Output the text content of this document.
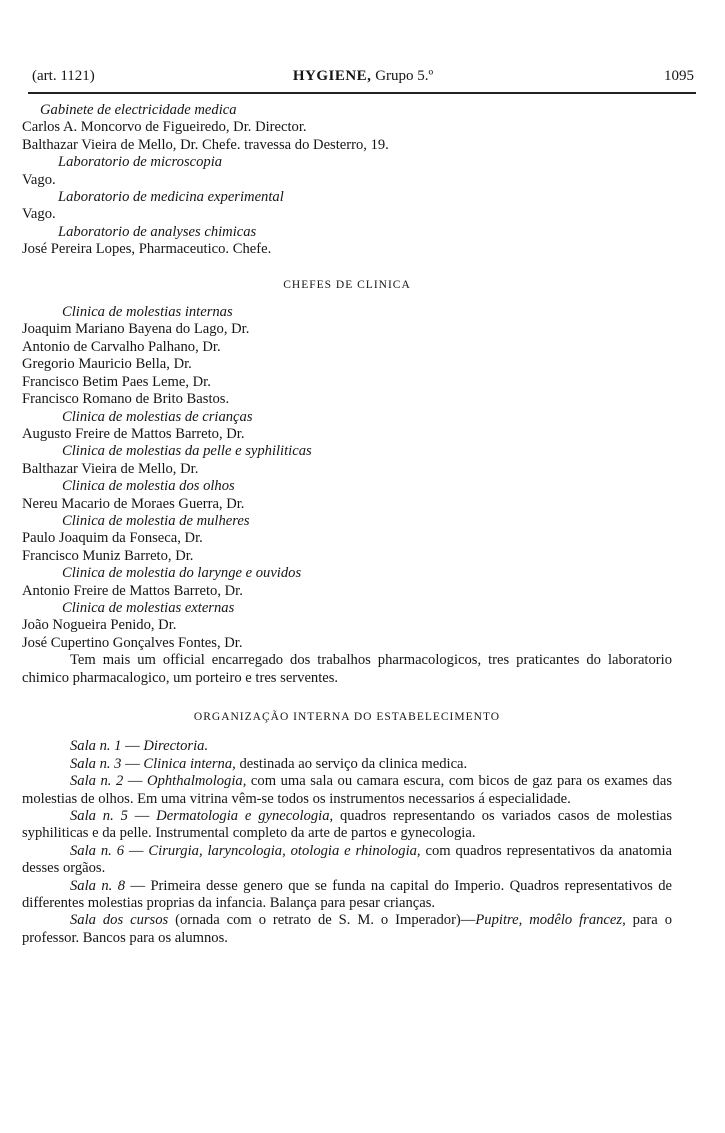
(art. 1121)	HYGIENE, Grupo 5.º	1095
Gabinete de electricidade medica
Carlos A. Moncorvo de Figueiredo, Dr. Director.
Balthazar Vieira de Mello, Dr. Chefe. travessa do Desterro, 19.
Laboratorio de microscopia
Vago.
Laboratorio de medicina experimental
Vago.
Laboratorio de analyses chimicas
José Pereira Lopes, Pharmaceutico. Chefe.
CHEFES DE CLINICA
Clinica de molestias internas
Joaquim Mariano Bayena do Lago, Dr.
Antonio de Carvalho Palhano, Dr.
Gregorio Mauricio Bella, Dr.
Francisco Betim Paes Leme, Dr.
Francisco Romano de Brito Bastos.
Clinica de molestias de crianças
Augusto Freire de Mattos Barreto, Dr.
Clinica de molestias da pelle e syphiliticas
Balthazar Vieira de Mello, Dr.
Clinica de molestia dos olhos
Nereu Macario de Moraes Guerra, Dr.
Clinica de molestia de mulheres
Paulo Joaquim da Fonseca, Dr.
Francisco Muniz Barreto, Dr.
Clinica de molestia do larynge e ouvidos
Antonio Freire de Mattos Barreto, Dr.
Clinica de molestias externas
João Nogueira Penido, Dr.
José Cupertino Gonçalves Fontes, Dr.
Tem mais um official encarregado dos trabalhos pharmacologicos, tres praticantes do laboratorio chimico pharmacalogico, um porteiro e tres serventes.
ORGANIZAÇÃO INTERNA DO ESTABELECIMENTO
Sala n. 1 — Directoria.
Sala n. 3 — Clinica interna, destinada ao serviço da clinica medica.
Sala n. 2 — Ophthalmologia, com uma sala ou camara escura, com bicos de gaz para os exames das molestias de olhos. Em uma vitrina vêm-se todos os instrumentos necessarios á especialidade.
Sala n. 5 — Dermatologia e gynecologia, quadros representando os variados casos de molestias syphiliticas e da pelle. Instrumental completo da arte de partos e gynecologia.
Sala n. 6 — Cirurgia, laryncologia, otologia e rhinologia, com quadros representativos da anatomia desses orgãos.
Sala n. 8 — Primeira desse genero que se funda na capital do Imperio. Quadros representativos de differentes molestias proprias da infancia. Balança para pesar crianças.
Sala dos cursos (ornada com o retrato de S. M. o Imperador)—Pupitre, modêlo francez, para o professor. Bancos para os alumnos.
